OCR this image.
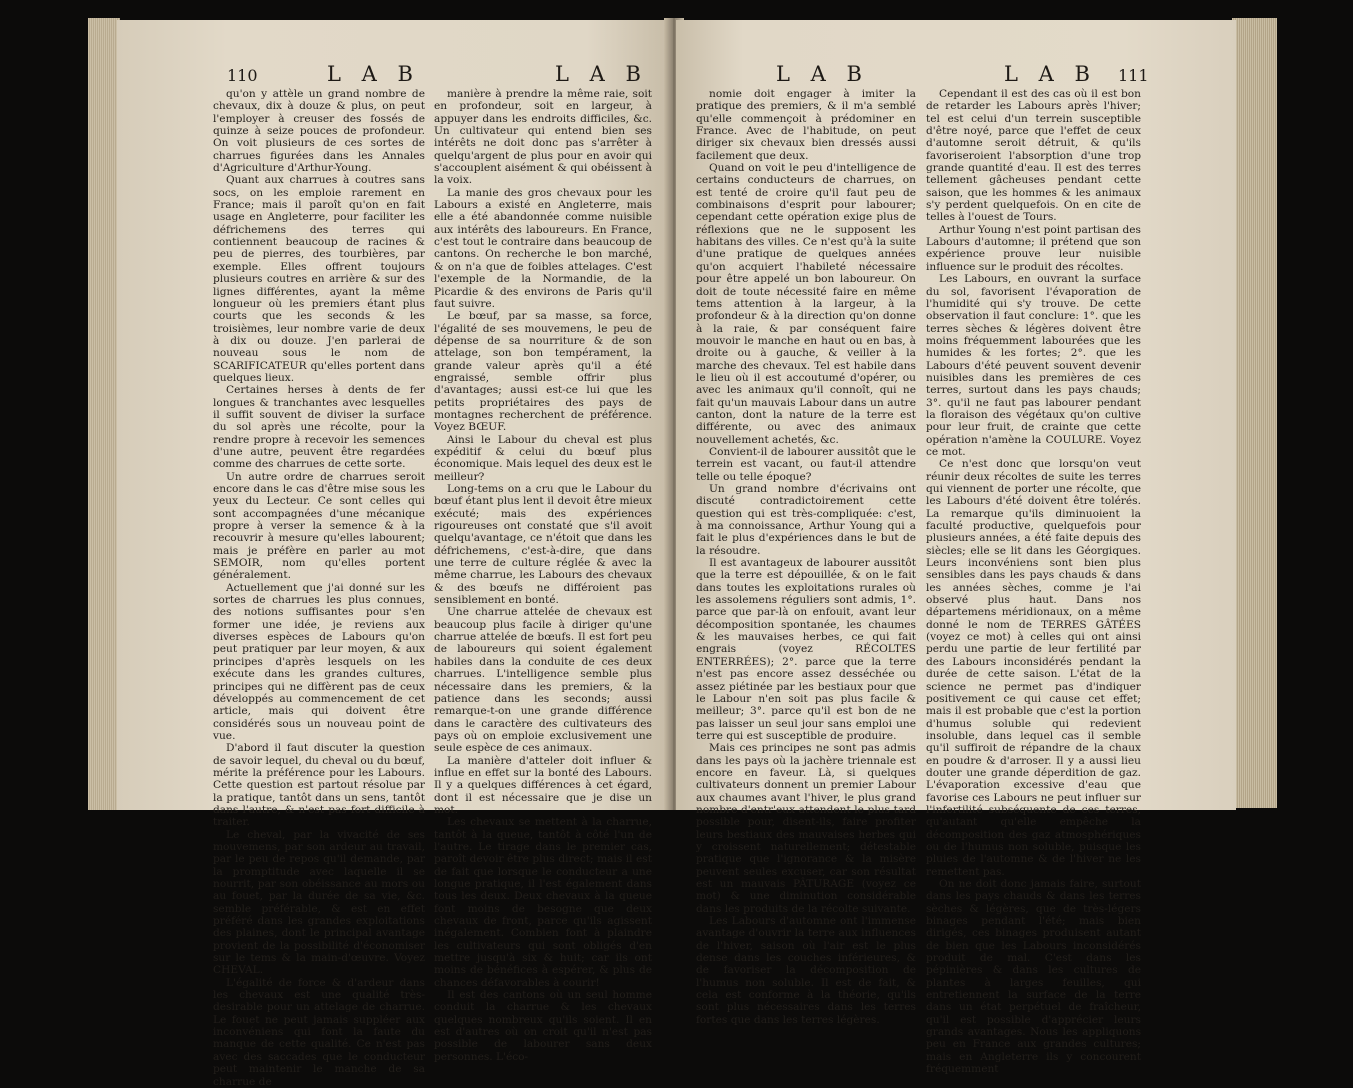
110	L A B	L A B

qu'on y attèle un grand nombre de chevaux, dix à douze & plus, on peut l'employer à creuser des fossés de quinze à seize pouces de profondeur. On voit plusieurs de ces sortes de charrues figurées dans les Annales d'Agriculture d'Arthur-Young.

Quant aux charrues à coutres sans socs, on les emploie rarement en France; mais il paroît qu'on en fait usage en Angleterre, pour faciliter les défrichemens des terres qui contiennent beaucoup de racines & peu de pierres, des tourbières, par exemple. Elles offrent toujours plusieurs coutres en arrière & sur des lignes différentes, ayant la même longueur où les premiers étant plus courts que les seconds & les troisièmes, leur nombre varie de deux à dix ou douze. J'en parlerai de nouveau sous le nom de SCARIFICATEUR qu'elles portent dans quelques lieux.

Certaines herses à dents de fer longues & tranchantes avec lesquelles il suffit souvent de diviser la surface du sol après une récolte, pour la rendre propre à recevoir les semences d'une autre, peuvent être regardées comme des charrues de cette sorte.

Un autre ordre de charrues seroit encore dans le cas d'être mise sous les yeux du Lecteur. Ce sont celles qui sont accompagnées d'une mécanique propre à verser la semence & à la recouvrir à mesure qu'elles labourent; mais je préfère en parler au mot SEMOIR, nom qu'elles portent généralement.

Actuellement que j'ai donné sur les sortes de charrues les plus connues, des notions suffisantes pour s'en former une idée, je reviens aux diverses espèces de Labours qu'on peut pratiquer par leur moyen, & aux principes d'après lesquels on les exécute dans les grandes cultures, principes qui ne diffèrent pas de ceux développés au commencement de cet article, mais qui doivent être considérés sous un nouveau point de vue.

D'abord il faut discuter la question de savoir lequel, du cheval ou du bœuf, mérite la préférence pour les Labours. Cette question est partout résolue par la pratique, tantôt dans un sens, tantôt dans l'autre, & n'est pas fort difficile à traiter.

Le cheval, par la vivacité de ses mouvemens, par son ardeur au travail, par le peu de repos qu'il demande, par la promptitude avec laquelle il se nourrit, par son obéissance au mors ou au fouet, par la durée de sa vie, &c. semble préférable, & est en effet préféré dans les grandes exploitations des plaines, dont le principal avantage provient de la possibilité d'économiser sur le tems & la main-d'œuvre. Voyez CHEVAL.

L'égalité de force & d'ardeur dans les chevaux est une qualité très-desirable pour un attelage de charrue. Le fouet ne peut jamais suppléer aux inconvéniens qui font la faute du manque de cette qualité. Ce n'est pas avec des saccades que le conducteur peut maintenir le manche de sa charrue de

manière à prendre la même raie, soit en profondeur, soit en largeur, à appuyer dans les endroits difficiles, &c. Un cultivateur qui entend bien ses intérêts ne doit donc pas s'arrêter à quelqu'argent de plus pour en avoir qui s'accouplent aisément & qui obéissent à la voix.

La manie des gros chevaux pour les Labours a existé en Angleterre, mais elle a été abandonnée comme nuisible aux intérêts des laboureurs. En France, c'est tout le contraire dans beaucoup de cantons. On recherche le bon marché, & on n'a que de foibles attelages. C'est l'exemple de la Normandie, de la Picardie & des environs de Paris qu'il faut suivre.

Le bœuf, par sa masse, sa force, l'égalité de ses mouvemens, le peu de dépense de sa nourriture & de son attelage, son bon tempérament, la grande valeur après qu'il a été engraissé, semble offrir plus d'avantages; aussi est-ce lui que les petits propriétaires des pays de montagnes recherchent de préférence. Voyez BŒUF.

Ainsi le Labour du cheval est plus expéditif & celui du bœuf plus économique. Mais lequel des deux est le meilleur?

Long-tems on a cru que le Labour du bœuf étant plus lent il devoit être mieux exécuté; mais des expériences rigoureuses ont constaté que s'il avoit quelqu'avantage, ce n'étoit que dans les défrichemens, c'est-à-dire, que dans une terre de culture réglée & avec la même charrue, les Labours des chevaux & des bœufs ne différoient pas sensiblement en bonté.

Une charrue attelée de chevaux est beaucoup plus facile à diriger qu'une charrue attelée de bœufs. Il est fort peu de laboureurs qui soient également habiles dans la conduite de ces deux charrues. L'intelligence semble plus nécessaire dans les premiers, & la patience dans les seconds; aussi remarque-t-on une grande différence dans le caractère des cultivateurs des pays où on emploie exclusivement une seule espèce de ces animaux.

La manière d'atteler doit influer & influe en effet sur la bonté des Labours. Il y a quelques différences à cet égard, dont il est nécessaire que je dise un mot.

Les chevaux se mettent à la charrue, tantôt à la queue, tantôt à côté l'un de l'autre. Le tirage dans le premier cas, paroît devoir être plus direct; mais il est de fait que lorsque le conducteur a une longue pratique, il l'est également dans tous les deux. Deux chevaux à la queue font moins de besogne que deux chevaux de front, parce qu'ils agissent inégalement. Combien font à plaindre les cultivateurs qui sont obligés d'en mettre jusqu'à six & huit; car ils ont moins de bénéfices à espérer, & plus de chances défavorables à courir!

Il est des cantons où un seul homme conduit la charrue & les chevaux quelques nombreux qu'ils soient. Il en est d'autres où on croit qu'il n'est pas possible de labourer sans deux personnes. L'éco-

L A B	L A B 111

nomie doit engager à imiter la pratique des premiers, & il m'a semblé qu'elle commençoit à prédominer en France. Avec de l'habitude, on peut diriger six chevaux bien dressés aussi facilement que deux.

Quand on voit le peu d'intelligence de certains conducteurs de charrues, on est tenté de croire qu'il faut peu de combinaisons d'esprit pour labourer; cependant cette opération exige plus de réflexions que ne le supposent les habitans des villes. Ce n'est qu'à la suite d'une pratique de quelques années qu'on acquiert l'habileté nécessaire pour être appelé un bon laboureur. On doit de toute nécessité faire en même tems attention à la largeur, à la profondeur & à la direction qu'on donne à la raie, & par conséquent faire mouvoir le manche en haut ou en bas, à droite ou à gauche, & veiller à la marche des chevaux. Tel est habile dans le lieu où il est accoutumé d'opérer, ou avec les animaux qu'il connoît, qui ne fait qu'un mauvais Labour dans un autre canton, dont la nature de la terre est différente, ou avec des animaux nouvellement achetés, &c.

Convient-il de labourer aussitôt que le terrein est vacant, ou faut-il attendre telle ou telle époque?

Un grand nombre d'écrivains ont discuté contradictoirement cette question qui est très-compliquée: c'est, à ma connoissance, Arthur Young qui a fait le plus d'expériences dans le but de la résoudre.

Il est avantageux de labourer aussitôt que la terre est dépouillée, & on le fait dans toutes les exploitations rurales où les assolemens réguliers sont admis, 1°. parce que par-là on enfouit, avant leur décomposition spontanée, les chaumes & les mauvaises herbes, ce qui fait engrais (voyez RÉCOLTES ENTERRÉES); 2°. parce que la terre n'est pas encore assez desséchée ou assez piétinée par les bestiaux pour que le Labour n'en soit pas plus facile & meilleur; 3°. parce qu'il est bon de ne pas laisser un seul jour sans emploi une terre qui est susceptible de produire.

Mais ces principes ne sont pas admis dans les pays où la jachère triennale est encore en faveur. Là, si quelques cultivateurs donnent un premier Labour aux chaumes avant l'hiver, le plus grand nombre d'entr'eux attendent le plus tard possible pour, disent-ils, faire profiter leurs bestiaux des mauvaises herbes qui y croissent naturellement; détestable pratique que l'ignorance & la misère peuvent seules excuser, car son résultat est un mauvais PÂTURAGE (voyez ce mot) & une diminution considérable dans les produits de la récolte suivante.

Les Labours d'automne ont l'immense avantage d'ouvrir la terre aux influences de l'hiver, saison où l'air est le plus dense dans les couches inférieures, & de favoriser la décomposition de l'humus non soluble. Il est de fait, & cela est conforme à la théorie, qu'ils sont plus nécessaires dans les terres fortes que dans les terres légères.

Cependant il est des cas où il est bon de retarder les Labours après l'hiver; tel est celui d'un terrein susceptible d'être noyé, parce que l'effet de ceux d'automne seroit détruit, & qu'ils favoriseroient l'absorption d'une trop grande quantité d'eau. Il est des terres tellement gâcheuses pendant cette saison, que les hommes & les animaux s'y perdent quelquefois. On en cite de telles à l'ouest de Tours.

Arthur Young n'est point partisan des Labours d'automne; il prétend que son expérience prouve leur nuisible influence sur le produit des récoltes.

Les Labours, en ouvrant la surface du sol, favorisent l'évaporation de l'humidité qui s'y trouve. De cette observation il faut conclure: 1°. que les terres sèches & légères doivent être moins fréquemment labourées que les humides & les fortes; 2°. que les Labours d'été peuvent souvent devenir nuisibles dans les premières de ces terres, surtout dans les pays chauds; 3°. qu'il ne faut pas labourer pendant la floraison des végétaux qu'on cultive pour leur fruit, de crainte que cette opération n'amène la COULURE. Voyez ce mot.

Ce n'est donc que lorsqu'on veut réunir deux récoltes de suite les terres qui viennent de porter une récolte, que les Labours d'été doivent être tolérés. La remarque qu'ils diminuoient la faculté productive, quelquefois pour plusieurs années, a été faite depuis des siècles; elle se lit dans les Géorgiques. Leurs inconvéniens sont bien plus sensibles dans les pays chauds & dans les années sèches, comme je l'ai observé plus haut. Dans nos départemens méridionaux, on a même donné le nom de TERRES GÂTÉES (voyez ce mot) à celles qui ont ainsi perdu une partie de leur fertilité par des Labours inconsidérés pendant la durée de cette saison. L'état de la science ne permet pas d'indiquer positivement ce qui cause cet effet; mais il est probable que c'est la portion d'humus soluble qui redevient insoluble, dans lequel cas il semble qu'il suffiroit de répandre de la chaux en poudre & d'arroser. Il y a aussi lieu douter une grande déperdition de gaz. L'évaporation excessive d'eau que favorise ces Labours ne peut influer sur l'infertilité subséquente de ces terres, qu'autant qu'elle empêche la décomposition des gaz atmosphériques ou de l'humus non soluble, puisque les pluies de l'automne & de l'hiver ne les remettent pas.

On ne doit donc jamais faire, surtout dans les pays chauds & dans les terres sèches & légères, que de très-légers binages pendant l'été; mais bien dirigés, ces binages produisent autant de bien que les Labours inconsidérés produit de mal. C'est dans les pépinières & dans les cultures de plantes à larges feuilles, qui entretiennent la surface de la terre dans un état perpétuel de fraîcheur, qu'il est possible d'apprécier leurs grands avantages. Nous les appliquons peu en France aux grandes cultures; mais en Angleterre ils y concourent fréquemment
